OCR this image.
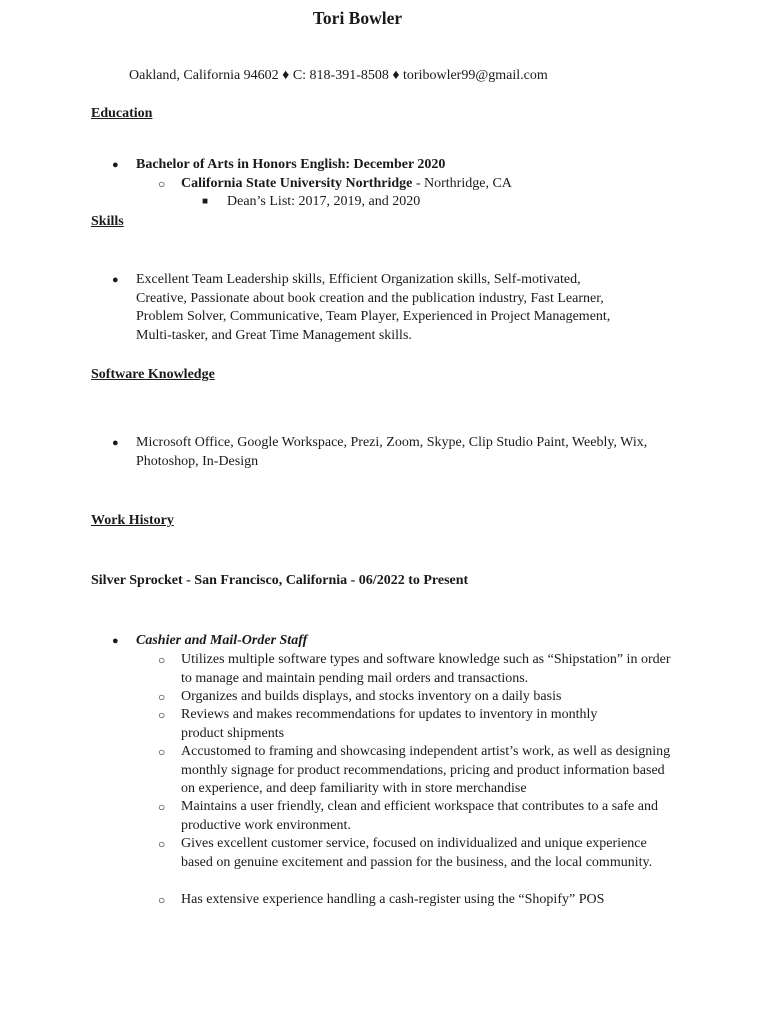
Tori Bowler
Oakland, California 94602 ♦ C: 818-391-8508 ♦ toribowler99@gmail.com
Education
● Bachelor of Arts in Honors English: December 2020
○ California State University Northridge - Northridge, CA
■ Dean’s List: 2017, 2019, and 2020
Skills
● Excellent Team Leadership skills, Efficient Organization skills, Self-motivated, Creative, Passionate about book creation and the publication industry, Fast Learner, Problem Solver, Communicative, Team Player, Experienced in Project Management, Multi-tasker, and Great Time Management skills.
Software Knowledge
● Microsoft Office, Google Workspace, Prezi, Zoom, Skype, Clip Studio Paint, Weebly, Wix, Photoshop, In-Design
Work History
Silver Sprocket - San Francisco, California - 06/2022 to Present
● Cashier and Mail-Order Staff
○ Utilizes multiple software types and software knowledge such as “Shipstation” in order to manage and maintain pending mail orders and transactions.
○ Organizes and builds displays, and stocks inventory on a daily basis
○ Reviews and makes recommendations for updates to inventory in monthly product shipments
○ Accustomed to framing and showcasing independent artist’s work, as well as designing monthly signage for product recommendations, pricing and product information based on experience, and deep familiarity with in store merchandise
○ Maintains a user friendly, clean and efficient workspace that contributes to a safe and productive work environment.
○ Gives excellent customer service, focused on individualized and unique experience based on genuine excitement and passion for the business, and the local community.
○ Has extensive experience handling a cash-register using the “Shopify” POS
